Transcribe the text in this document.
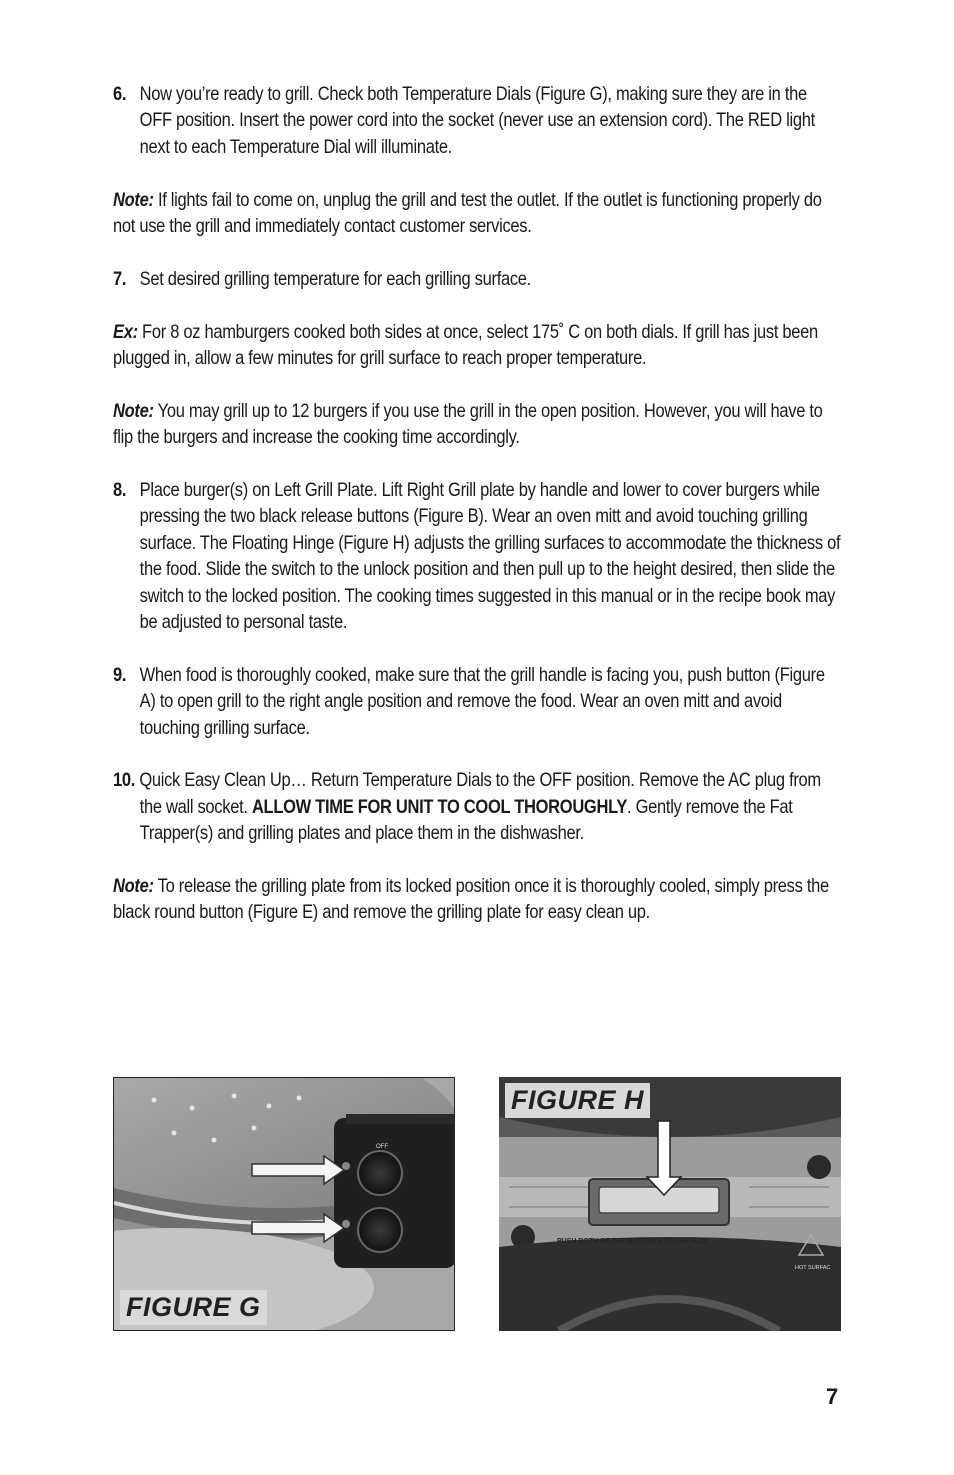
6. Now you’re ready to grill. Check both Temperature Dials (Figure G), making sure they are in the OFF position. Insert the power cord into the socket (never use an extension cord). The RED light next to each Temperature Dial will illuminate.

Note: If lights fail to come on, unplug the grill and test the outlet. If the outlet is functioning properly do not use the grill and immediately contact customer services.

7. Set desired grilling temperature for each grilling surface.

Ex: For 8 oz hamburgers cooked both sides at once, select 175˚ C on both dials. If grill has just been plugged in, allow a few minutes for grill surface to reach proper temperature.

Note: You may grill up to 12 burgers if you use the grill in the open position. However, you will have to flip the burgers and increase the cooking time accordingly.

8. Place burger(s) on Left Grill Plate. Lift Right Grill plate by handle and lower to cover burgers while pressing the two black release buttons (Figure B). Wear an oven mitt and avoid touching grilling surface. The Floating Hinge (Figure H) adjusts the grilling surfaces to accommodate the thickness of the food. Slide the switch to the unlock position and then pull up to the height desired, then slide the switch to the locked position. The cooking times suggested in this manual or in the recipe book may be adjusted to personal taste.

9. When food is thoroughly cooked, make sure that the grill handle is facing you, push button (Figure A) to open grill to the right angle position and remove the food. Wear an oven mitt and avoid touching grilling surface.

10. Quick Easy Clean Up… Return Temperature Dials to the OFF position. Remove the AC plug from the wall socket. ALLOW TIME FOR UNIT TO COOL THOROUGHLY. Gently remove the Fat Trapper(s) and grilling plates and place them in the dishwasher.

Note: To release the grilling plate from its locked position once it is thoroughly cooled, simply press the black round button (Figure E) and remove the grilling plate for easy clean up.

OFF
FIGURE G
PUSH BOTH OF THE BUTTONS TO LAY FLAT
HOT SURFAC
FIGURE H
7
